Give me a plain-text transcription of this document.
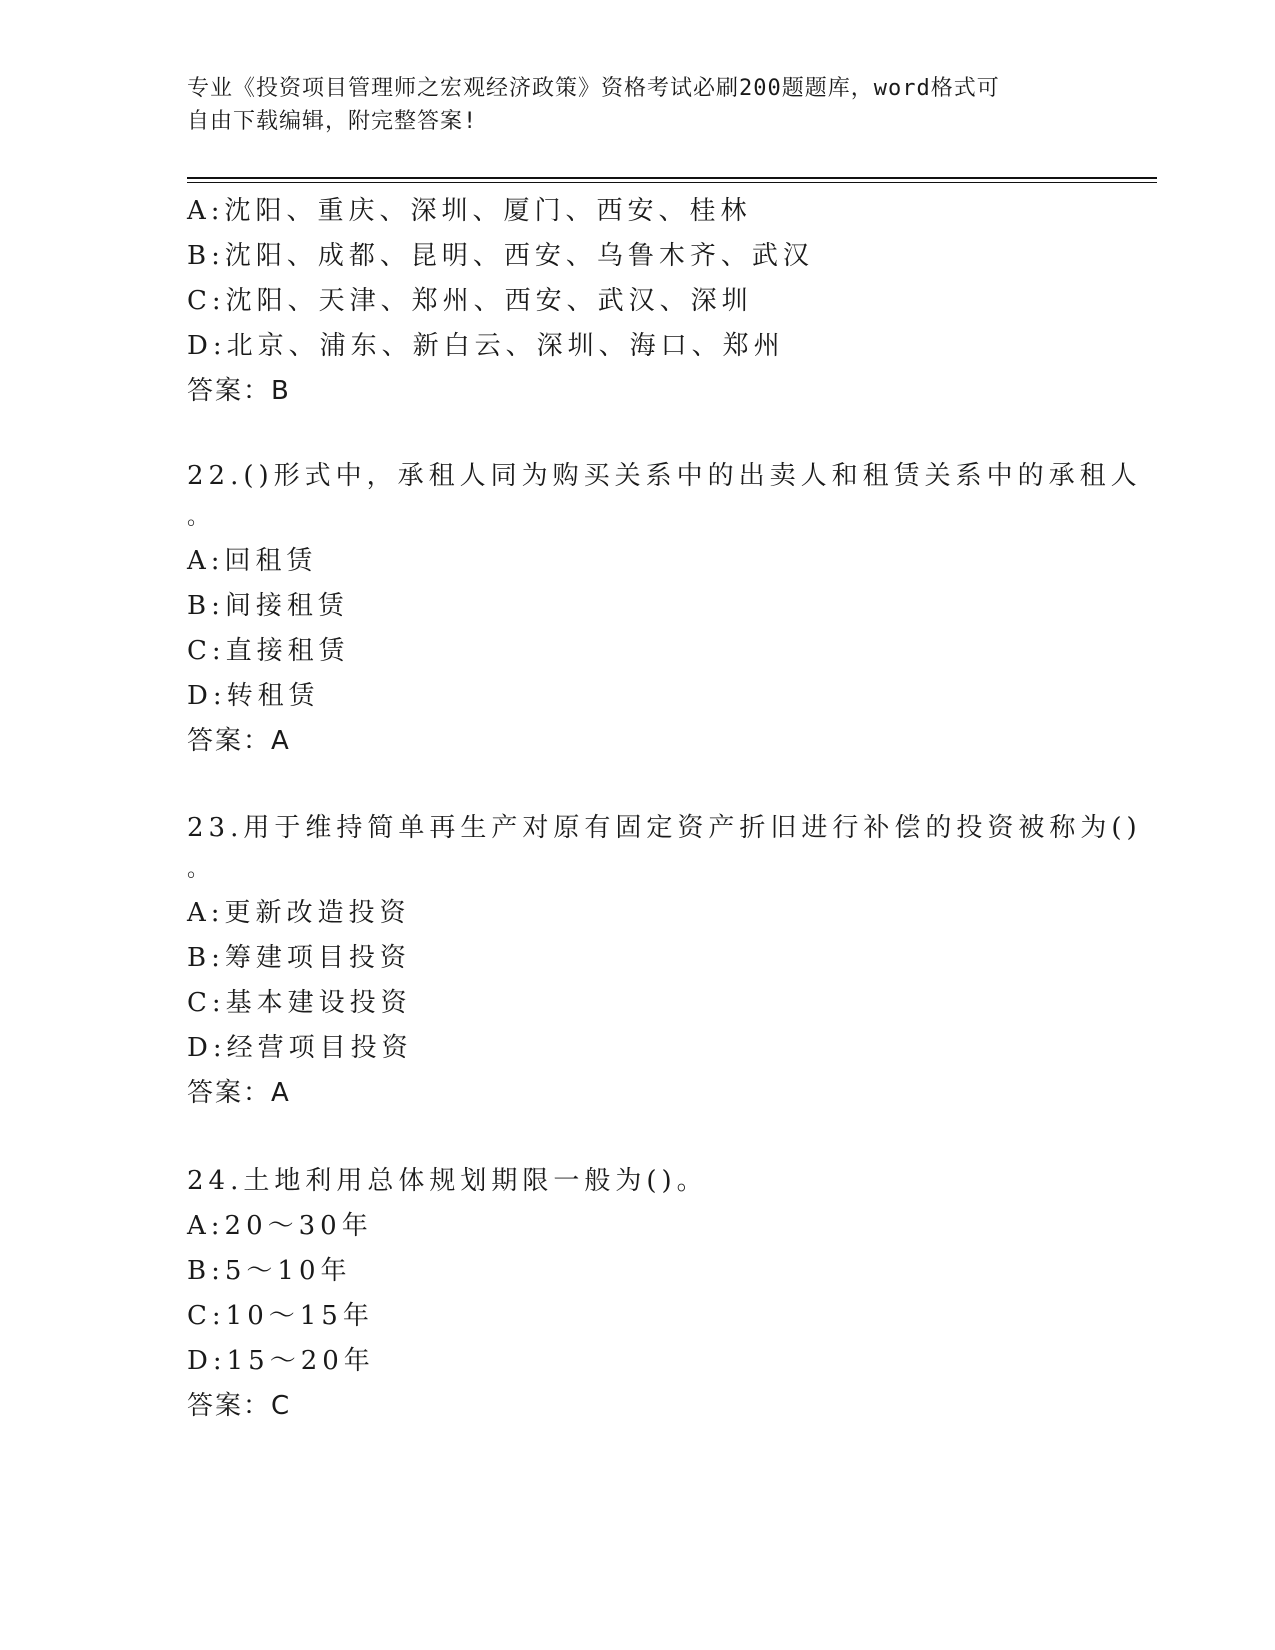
专业《投资项目管理师之宏观经济政策》资格考试必刷200题题库，word格式可
自由下载编辑，附完整答案!
A:沈阳、重庆、深圳、厦门、西安、桂林
B:沈阳、成都、昆明、西安、乌鲁木齐、武汉
C:沈阳、天津、郑州、西安、武汉、深圳
D:北京、浦东、新白云、深圳、海口、郑州
答案：B
22.()形式中，承租人同为购买关系中的出卖人和租赁关系中的承租人
。
A:回租赁
B:间接租赁
C:直接租赁
D:转租赁
答案：A
23.用于维持简单再生产对原有固定资产折旧进行补偿的投资被称为()
。
A:更新改造投资
B:筹建项目投资
C:基本建设投资
D:经营项目投资
答案：A
24.土地利用总体规划期限一般为()。
A:20～30年
B:5～10年
C:10～15年
D:15～20年
答案：C
